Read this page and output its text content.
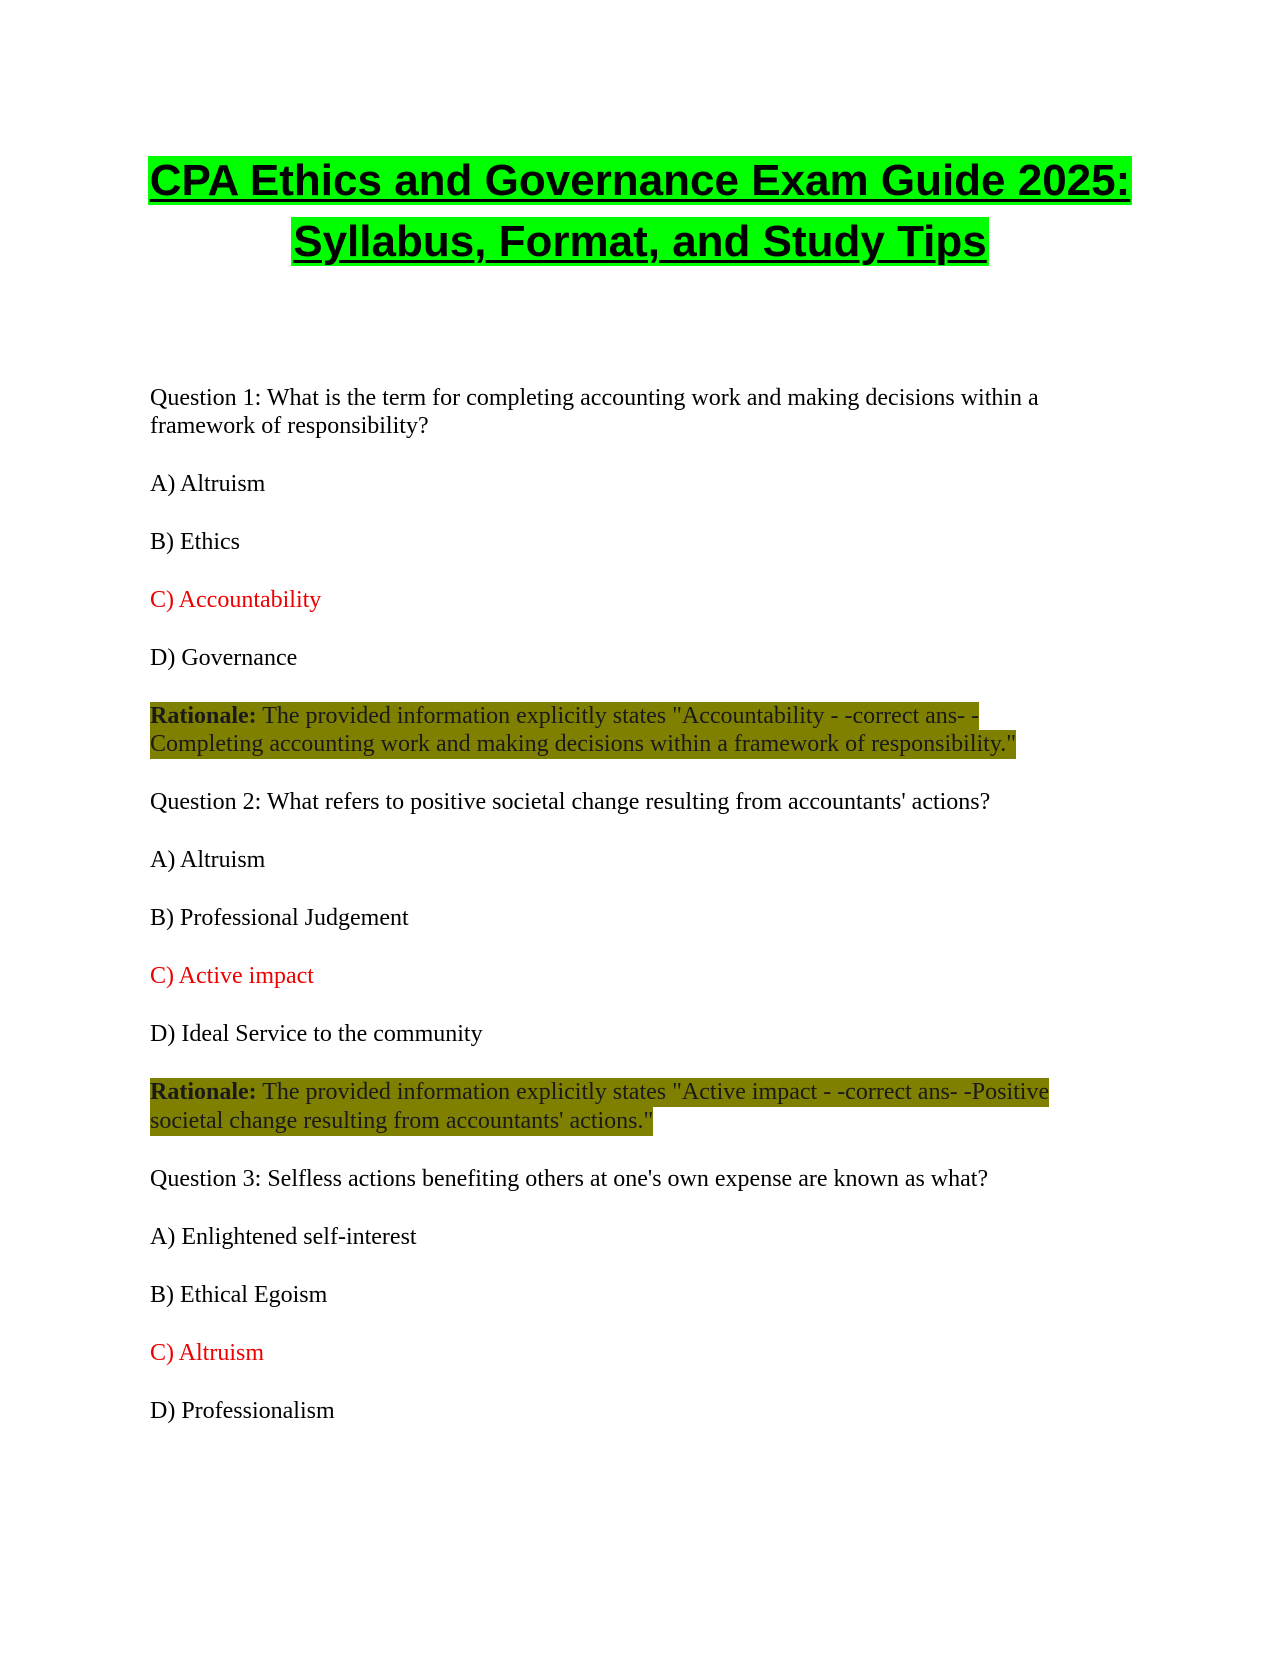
CPA Ethics and Governance Exam Guide 2025:
Syllabus, Format, and Study Tips
Question 1: What is the term for completing accounting work and making decisions within a
framework of responsibility?
A) Altruism
B) Ethics
C) Accountability
D) Governance
Rationale: The provided information explicitly states "Accountability - -correct ans- -
Completing accounting work and making decisions within a framework of responsibility."
Question 2: What refers to positive societal change resulting from accountants' actions?
A) Altruism
B) Professional Judgement
C) Active impact
D) Ideal Service to the community
Rationale: The provided information explicitly states "Active impact - -correct ans- -Positive
societal change resulting from accountants' actions."
Question 3: Selfless actions benefiting others at one's own expense are known as what?
A) Enlightened self-interest
B) Ethical Egoism
C) Altruism
D) Professionalism
